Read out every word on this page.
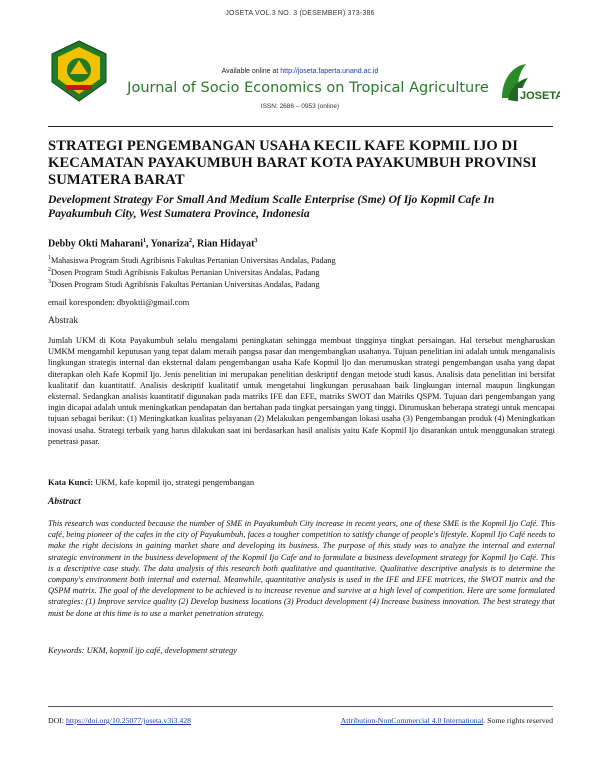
JOSETA VOL.3 NO. 3 (DESEMBER) 373-386
Available online at http://joseta.faperta.unand.ac.id
Journal of Socio Economics on Tropical Agriculture
ISSN: 2686 – 0953 (online)
JOSETA
STRATEGI PENGEMBANGAN USAHA KECIL KAFE KOPMIL IJO DI KECAMATAN PAYAKUMBUH BARAT KOTA PAYAKUMBUH PROVINSI SUMATERA BARAT
Development Strategy For Small And Medium Scalle Enterprise (Sme) Of Ijo Kopmil Cafe In Payakumbuh City, West Sumatera Province, Indonesia
Debby Okti Maharani$^1$, Yonariza$^2$, Rian Hidayat$^3$
$^1$Mahasiswa Program Studi Agribisnis Fakultas Pertanian Universitas Andalas, Padang
$^2$Dosen Program Studi Agribisnis Fakultas Pertanian Universitas Andalas, Padang
$^3$Dosen Program Studi Agribisnis Fakultas Pertanian Universitas Andalas, Padang
email koresponden: dbyoktii@gmail.com
Abstrak
Jumlah UKM di Kota Payakumbuh selalu mengalami peningkatan sehingga membuat tingginya tingkat persaingan. Hal tersebut mengharuskan UMKM mengambil keputusan yang tepat dalam meraih pangsa pasar dan mengembangkan usahanya. Tujuan penelitian ini adalah untuk menganalisis lingkungan strategis internal dan eksternal dalam pengembangan usaha Kafe Kopmil Ijo dan merumuskan strategi pengembangan usaha yang dapat diterapkan oleh Kafe Kopmil Ijo. Jenis penelitian ini merupakan penelitian deskriptif dengan metode studi kasus. Analisis data penelitian ini bersifat kualitatif dan kuantitatif. Analisis deskriptif kualitatif untuk mengetahui lingkungan perusahaan baik lingkungan internal maupun lingkungan eksternal. Sedangkan analisis kuantitatif digunakan pada matriks IFE dan EFE, matriks SWOT dan Matriks QSPM. Tujuan dari pengembangan yang ingin dicapai adalah untuk meningkatkan pendapatan dan bertahan pada tingkat persaingan yang tinggi. Dirumuskan beberapa strategi untuk mencapai tujuan sebagai berikut: (1) Meningkatkan kualitas pelayanan (2) Melakukan pengembangan lokasi usaha (3) Pengembangan produk (4) Meningkatkan inovasi usaha. Strategi terbaik yang harus dilakukan saat ini berdasarkan hasil analisis yaitu Kafe Kopmil Ijo disarankan untuk menggunakan strategi penetrasi pasar.
Kata Kunci: UKM, kafe kopmil ijo, strategi pengembangan
Abstract
This research was conducted because the number of SME in Payakumbuh City increase in recent years, one of these SME is the Kopmil Ijo Café. This café, being pioneer of the cafes in the city of Payakumbuh, faces a tougher competition to satisfy change of people's lifestyle. Kopmil Ijo Café needs to make the right decisions in gaining market share and developing its business. The purpose of this study was to analyze the internal and external strategic environment in the business development of the Kopmil Ijo Cafe and to formulate a business development strategy for Kopmil Ijo Café. This is a descriptive case study. The data analysis of this research both qualitative and quantitative. Qualitative descriptive analysis is to determine the company's environment both internal and external. Meanwhile, quantitative analysis is used in the IFE and EFE matrices, the SWOT matrix and the QSPM matrix. The goal of the development to be achieved is to increase revenue and survive at a high level of competition. Here are some formulated strategies: (1) Improve service quality (2) Develop business locations (3) Product development (4) Increase business innovation. The best strategy that must be done at this time is to use a market penetration strategy.
Keywords: UKM, kopmil ijo café, development strategy
DOI: https://doi.org/10.25077/joseta.v3i3.428	Attribution-NonCommercial 4.0 International. Some rights reserved
